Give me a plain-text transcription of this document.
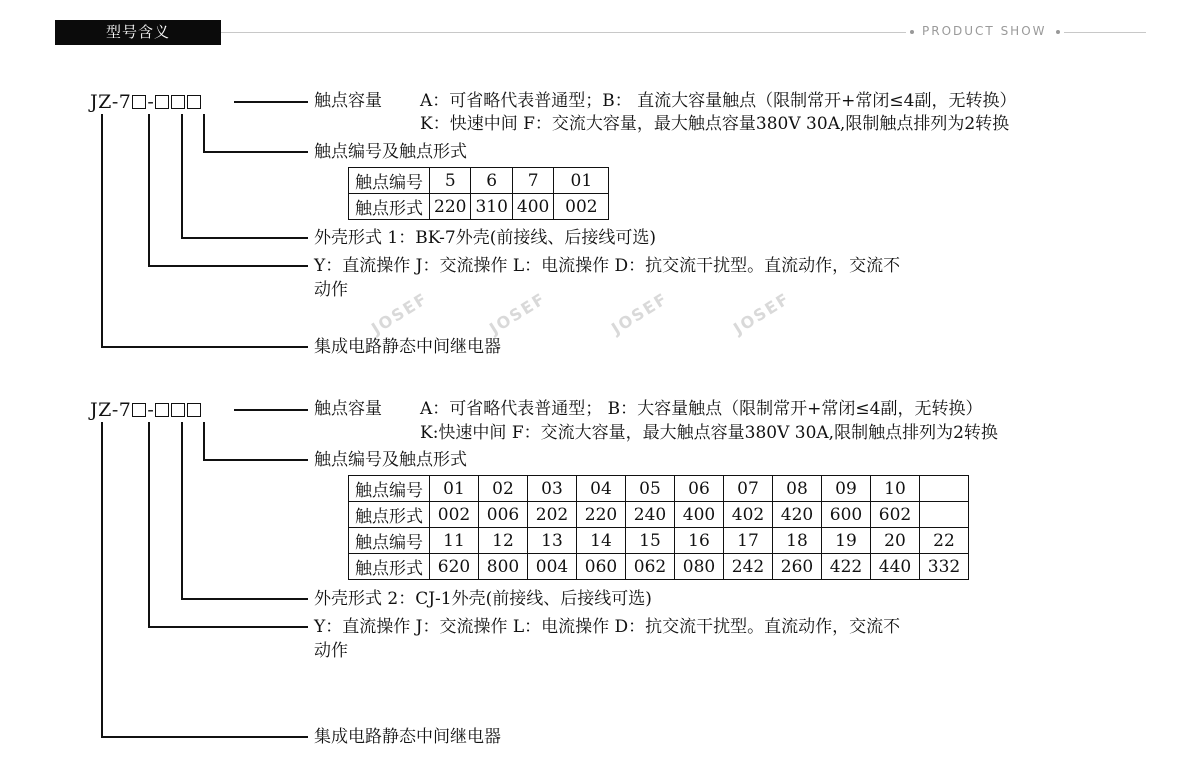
型号含义	PRODUCT SHOW
JOSEF	JOSEF	JOSEF	JOSEF
JZ-7 -	触点容量 A：可省略代表普通型；B： 直流大容量触点（限制常开+常闭≤4副，无转换）
K：快速中间 F：交流大容量，最大触点容量380V 30A,限制触点排列为2转换
触点编号及触点形式
触点编号	5	6	7	01
触点形式	220	310	400	002
外壳形式 1：BK-7外壳(前接线、后接线可选)
Y：直流操作 J：交流操作 L：电流操作 D：抗交流干扰型。直流动作，交流不
动作
集成电路静态中间继电器
JZ-7 -	触点容量 A：可省略代表普通型； B：大容量触点（限制常开+常闭≤4副，无转换）
K:快速中间 F：交流大容量，最大触点容量380V 30A,限制触点排列为2转换
触点编号及触点形式
触点编号	01	02	03	04	05	06	07	08	09	10	
触点形式	002	006	202	220	240	400	402	420	600	602	
触点编号	11	12	13	14	15	16	17	18	19	20	22
触点形式	620	800	004	060	062	080	242	260	422	440	332
外壳形式 2：CJ-1外壳(前接线、后接线可选)
Y：直流操作 J：交流操作 L：电流操作 D：抗交流干扰型。直流动作，交流不
动作
集成电路静态中间继电器
